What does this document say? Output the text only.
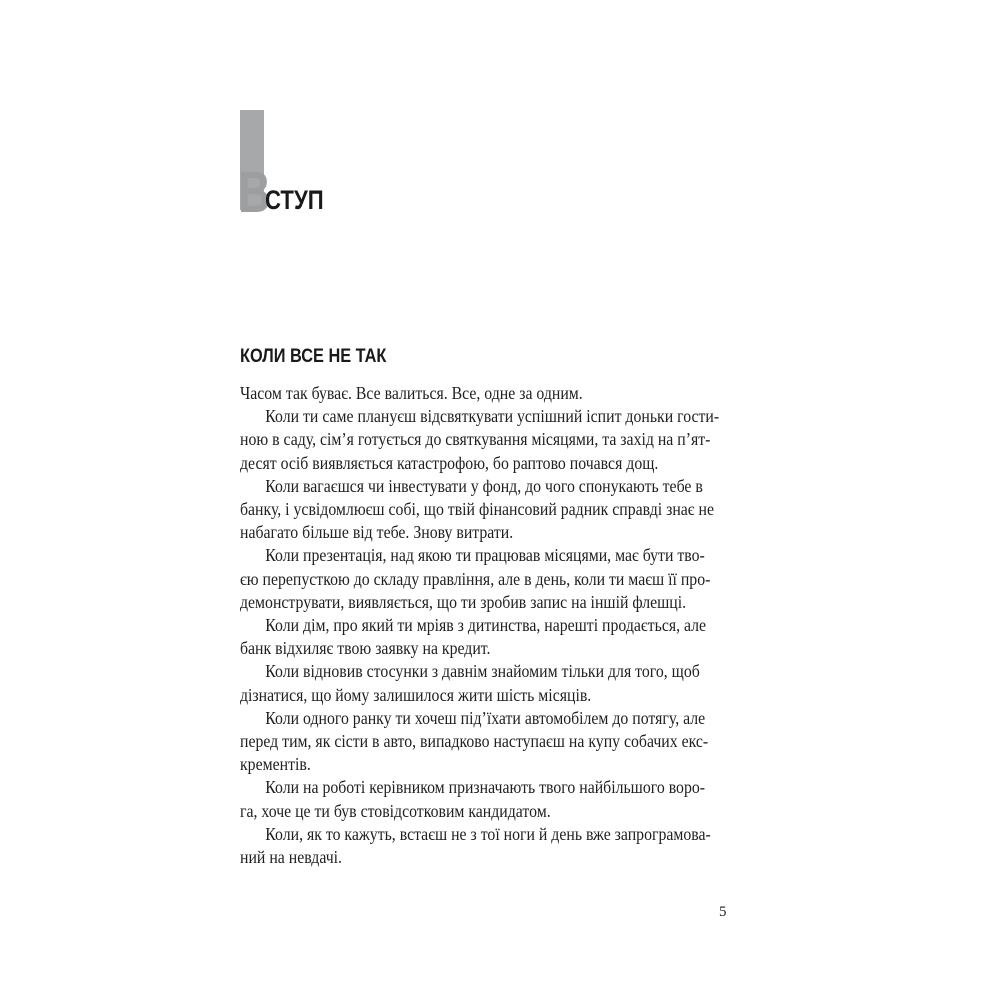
В
СТУП
КОЛИ ВСЕ НЕ ТАК
Часом так буває. Все валиться. Все, одне за одним.
Коли ти саме плануєш відсвяткувати успішний іспит доньки гости-
ною в саду, сім’я готується до святкування місяцями, та захід на п’ят-
десят осіб виявляється катастрофою, бо раптово почався дощ.
Коли вагаєшся чи інвестувати у фонд, до чого спонукають тебе в
банку, і усвідомлюєш собі, що твій фінансовий радник справді знає не
набагато більше від тебе. Знову витрати.
Коли презентація, над якою ти працював місяцями, має бути тво-
єю перепусткою до складу правління, але в день, коли ти маєш її про-
демонструвати, виявляється, що ти зробив запис на іншій флешці.
Коли дім, про який ти мріяв з дитинства, нарешті продається, але
банк відхиляє твою заявку на кредит.
Коли відновив стосунки з давнім знайомим тільки для того, щоб
дізнатися, що йому залишилося жити шість місяців.
Коли одного ранку ти хочеш під’їхати автомобілем до потягу, але
перед тим, як сісти в авто, випадково наступаєш на купу собачих екс-
крементів.
Коли на роботі керівником призначають твого найбільшого воро-
га, хоче це ти був стовідсотковим кандидатом.
Коли, як то кажуть, встаєш не з тої ноги й день вже запрограмова-
ний на невдачі.
5
